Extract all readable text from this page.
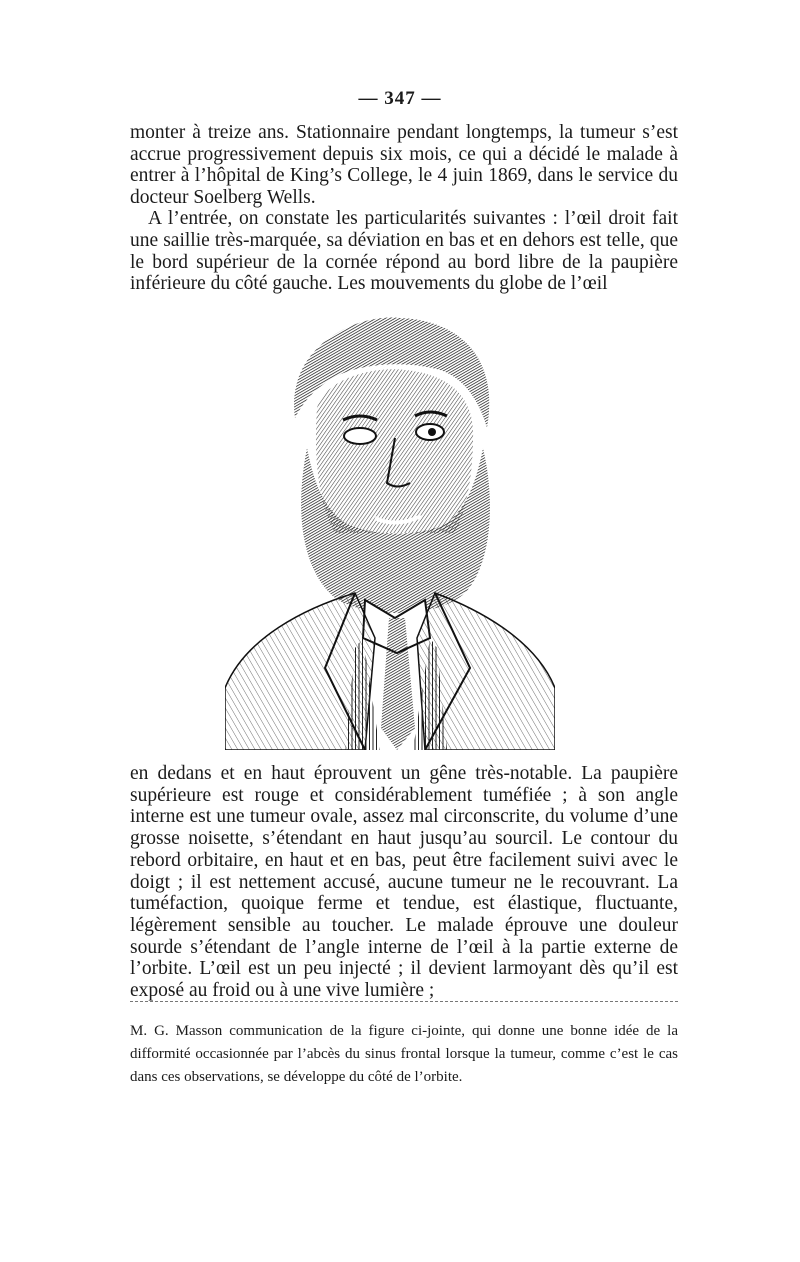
— 347 —

monter à treize ans. Stationnaire pendant longtemps, la tumeur s’est accrue progressivement depuis six mois, ce qui a décidé le malade à entrer à l’hôpital de King’s College, le 4 juin 1869, dans le service du docteur Soelberg Wells.

A l’entrée, on constate les particularités suivantes : l’œil droit fait une saillie très-marquée, sa déviation en bas et en dehors est telle, que le bord supérieur de la cornée répond au bord libre de la paupière inférieure du côté gauche. Les mouvements du globe de l’œil

en dedans et en haut éprouvent un gêne très-notable. La paupière supérieure est rouge et considérablement tuméfiée ; à son angle interne est une tumeur ovale, assez mal circonscrite, du volume d’une grosse noisette, s’étendant en haut jusqu’au sourcil. Le contour du rebord orbitaire, en haut et en bas, peut être facilement suivi avec le doigt ; il est nettement accusé, aucune tumeur ne le recouvrant. La tuméfaction, quoique ferme et tendue, est élastique, fluctuante, légèrement sensible au toucher. Le malade éprouve une douleur sourde s’étendant de l’angle interne de l’œil à la partie externe de l’orbite. L’œil est un peu injecté ; il devient larmoyant dès qu’il est exposé au froid ou à une vive lumière ;

M. G. Masson communication de la figure ci-jointe, qui donne une bonne idée de la difformité occasionnée par l’abcès du sinus frontal lorsque la tumeur, comme c’est le cas dans ces observations, se développe du côté de l’orbite.
